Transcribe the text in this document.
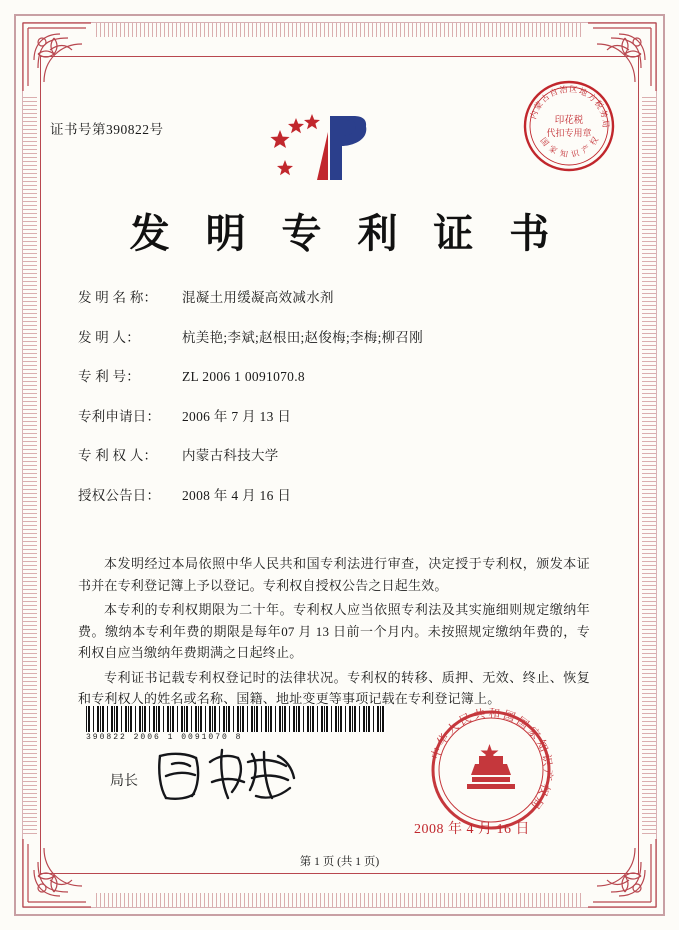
证书号第390822号
发 明 专 利 证 书
发 明 名 称：	混凝土用缓凝高效减水剂
发 明 人：	杭美艳;李斌;赵根田;赵俊梅;李梅;柳召刚
专 利 号：	ZL 2006 1 0091070.8
专利申请日：	2006 年 7 月 13 日
专 利 权 人：	内蒙古科技大学
授权公告日：	2008 年 4 月 16 日

本发明经过本局依照中华人民共和国专利法进行审查，决定授于专利权，颁发本证书并在专利登记簿上予以登记。专利权自授权公告之日起生效。

本专利的专利权期限为二十年。专利权人应当依照专利法及其实施细则规定缴纳年费。缴纳本专利年费的期限是每年07 月 13 日前一个月内。未按照规定缴纳年费的，专利权自应当缴纳年费期满之日起终止。

专利证书记载专利权登记时的法律状况。专利权的转移、质押、无效、终止、恢复和专利权人的姓名或名称、国籍、地址变更等事项记载在专利登记簿上。

390822 2006 1 0091070 8
局长
内蒙古自治区地方税务局
国 家 知 识 产 权
印花税
代扣专用章
中华人民共和国国家知识产权局
2008 年 4 月 16 日
第 1 页 (共 1 页)
